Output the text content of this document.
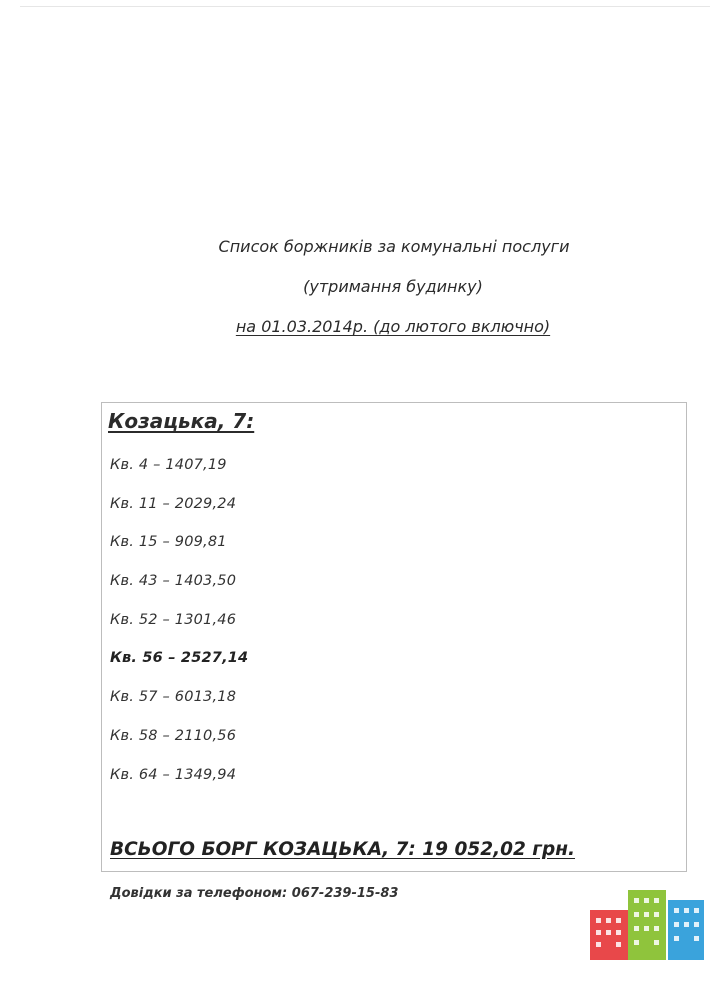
Список боржників за комунальні послуги
(утримання будинку)
на 01.03.2014р. (до лютого включно)
Козацька, 7:
Кв. 4 – 1407,19
Кв. 11 – 2029,24
Кв. 15 – 909,81
Кв. 43 – 1403,50
Кв. 52 – 1301,46
Кв. 56 – 2527,14
Кв. 57 – 6013,18
Кв. 58 – 2110,56
Кв. 64 – 1349,94
ВСЬОГО БОРГ КОЗАЦЬКА, 7: 19 052,02 грн.
Довідки за телефоном: 067-239-15-83
